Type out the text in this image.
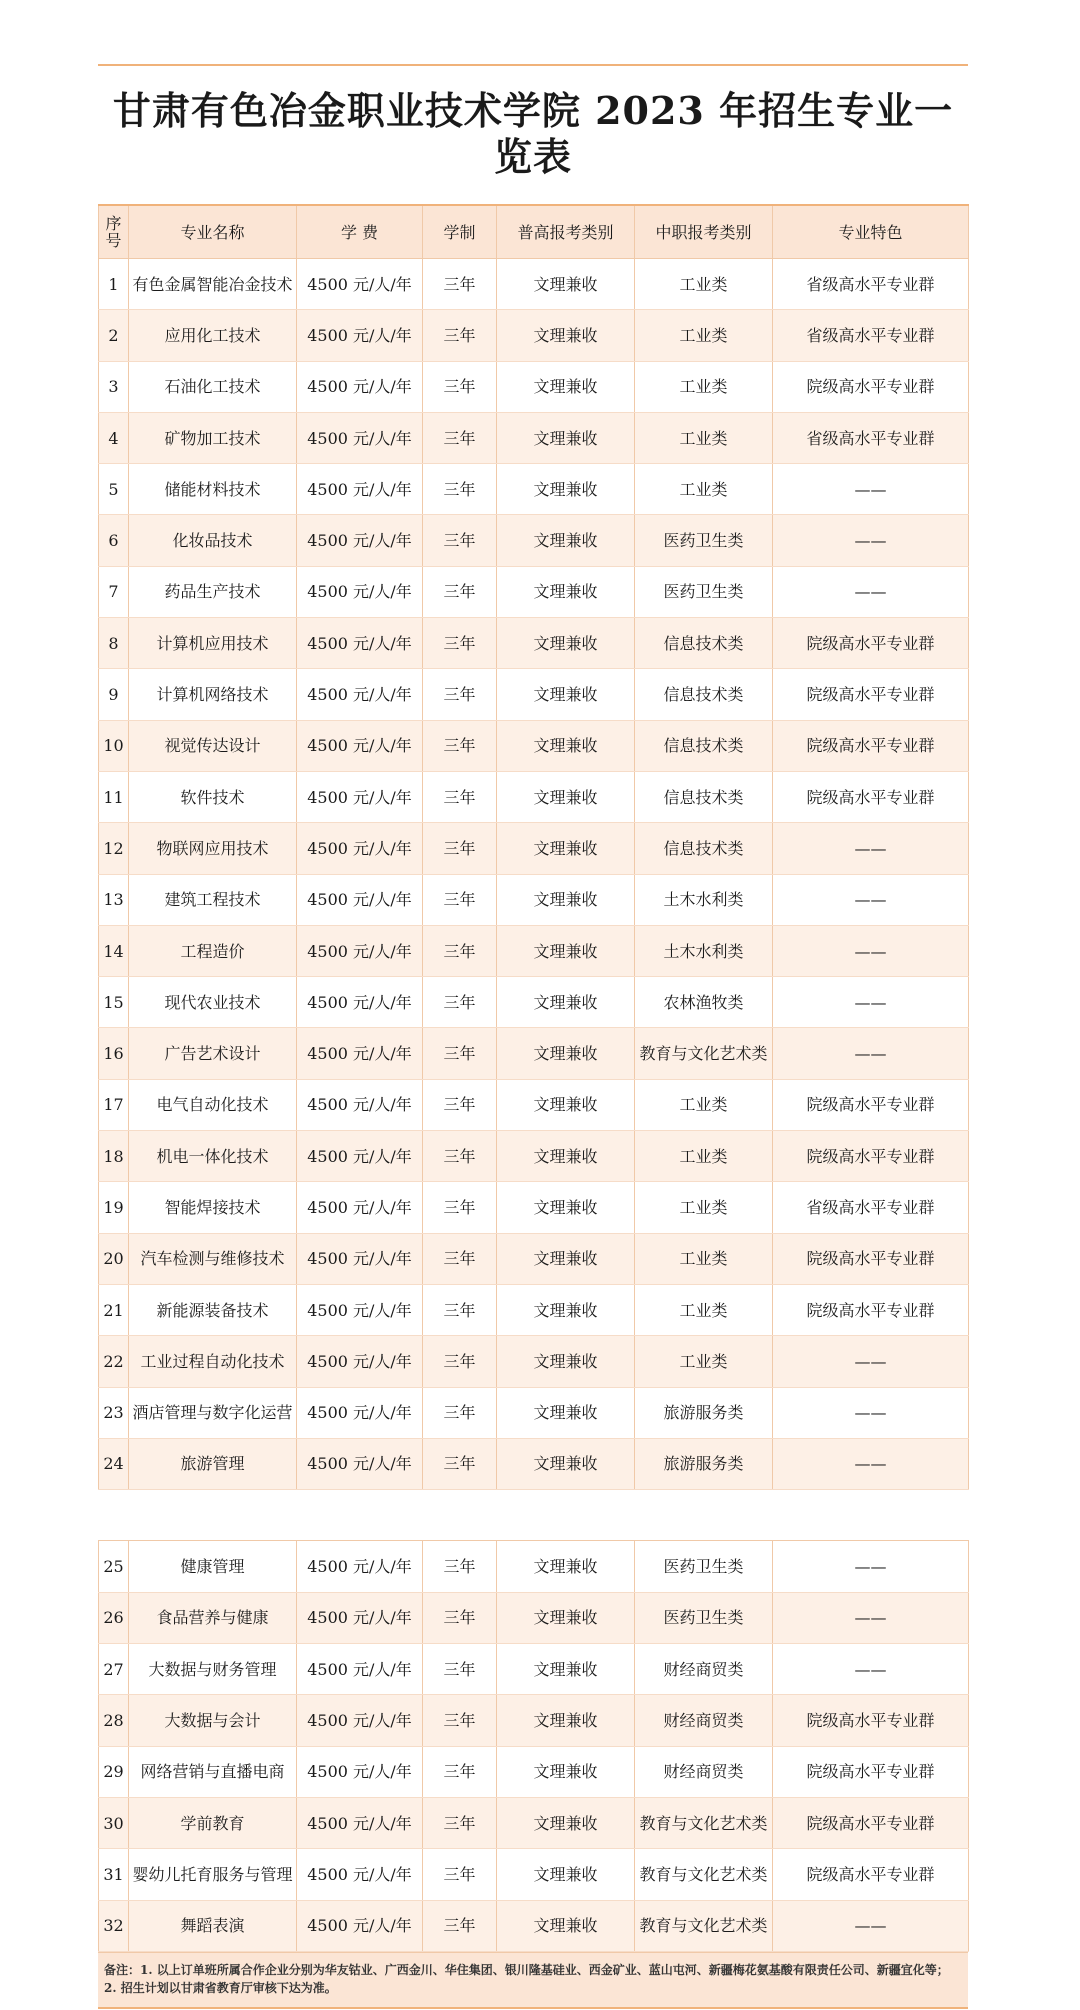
甘肃有色冶金职业技术学院 2023 年招生专业一览表
序号	专业名称	学 费	学制	普高报考类别	中职报考类别	专业特色
1	有色金属智能冶金技术	4500 元/人/年	三年	文理兼收	工业类	省级高水平专业群
2	应用化工技术	4500 元/人/年	三年	文理兼收	工业类	省级高水平专业群
3	石油化工技术	4500 元/人/年	三年	文理兼收	工业类	院级高水平专业群
4	矿物加工技术	4500 元/人/年	三年	文理兼收	工业类	省级高水平专业群
5	储能材料技术	4500 元/人/年	三年	文理兼收	工业类	——
6	化妆品技术	4500 元/人/年	三年	文理兼收	医药卫生类	——
7	药品生产技术	4500 元/人/年	三年	文理兼收	医药卫生类	——
8	计算机应用技术	4500 元/人/年	三年	文理兼收	信息技术类	院级高水平专业群
9	计算机网络技术	4500 元/人/年	三年	文理兼收	信息技术类	院级高水平专业群
10	视觉传达设计	4500 元/人/年	三年	文理兼收	信息技术类	院级高水平专业群
11	软件技术	4500 元/人/年	三年	文理兼收	信息技术类	院级高水平专业群
12	物联网应用技术	4500 元/人/年	三年	文理兼收	信息技术类	——
13	建筑工程技术	4500 元/人/年	三年	文理兼收	土木水利类	——
14	工程造价	4500 元/人/年	三年	文理兼收	土木水利类	——
15	现代农业技术	4500 元/人/年	三年	文理兼收	农林渔牧类	——
16	广告艺术设计	4500 元/人/年	三年	文理兼收	教育与文化艺术类	——
17	电气自动化技术	4500 元/人/年	三年	文理兼收	工业类	院级高水平专业群
18	机电一体化技术	4500 元/人/年	三年	文理兼收	工业类	院级高水平专业群
19	智能焊接技术	4500 元/人/年	三年	文理兼收	工业类	省级高水平专业群
20	汽车检测与维修技术	4500 元/人/年	三年	文理兼收	工业类	院级高水平专业群
21	新能源装备技术	4500 元/人/年	三年	文理兼收	工业类	院级高水平专业群
22	工业过程自动化技术	4500 元/人/年	三年	文理兼收	工业类	——
23	酒店管理与数字化运营	4500 元/人/年	三年	文理兼收	旅游服务类	——
24	旅游管理	4500 元/人/年	三年	文理兼收	旅游服务类	——

25	健康管理	4500 元/人/年	三年	文理兼收	医药卫生类	——
26	食品营养与健康	4500 元/人/年	三年	文理兼收	医药卫生类	——
27	大数据与财务管理	4500 元/人/年	三年	文理兼收	财经商贸类	——
28	大数据与会计	4500 元/人/年	三年	文理兼收	财经商贸类	院级高水平专业群
29	网络营销与直播电商	4500 元/人/年	三年	文理兼收	财经商贸类	院级高水平专业群
30	学前教育	4500 元/人/年	三年	文理兼收	教育与文化艺术类	院级高水平专业群
31	婴幼儿托育服务与管理	4500 元/人/年	三年	文理兼收	教育与文化艺术类	院级高水平专业群
32	舞蹈表演	4500 元/人/年	三年	文理兼收	教育与文化艺术类	——
备注：1. 以上订单班所属合作企业分别为华友钴业、广西金川、华住集团、银川隆基硅业、西金矿业、蓝山屯河、新疆梅花氨基酸有限责任公司、新疆宜化等； 2. 招生计划以甘肃省教育厅审核下达为准。
